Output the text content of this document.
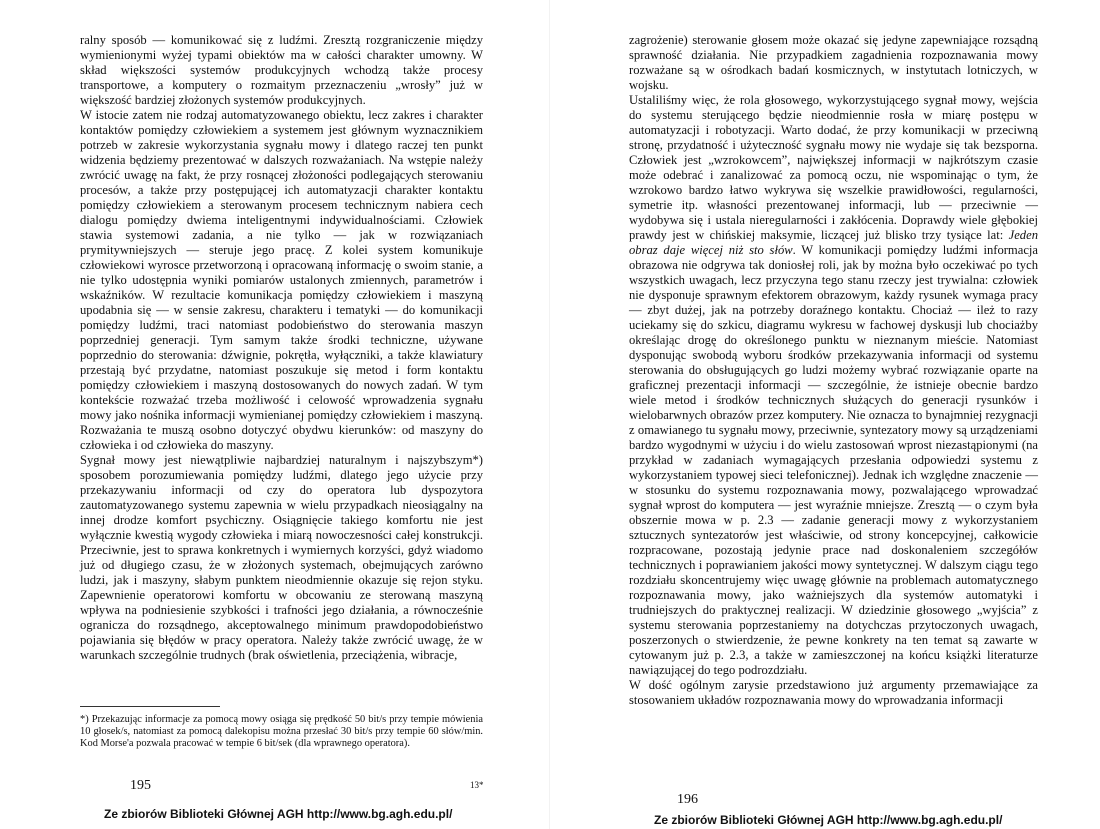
ralny sposób — komunikować się z ludźmi. Zresztą rozgraniczenie między wymienionymi wyżej typami obiektów ma w całości charakter umowny. W skład większości systemów produkcyjnych wchodzą także procesy transportowe, a komputery o rozmaitym przeznaczeniu „wrosły” już w większość bardziej złożonych systemów produkcyjnych.

W istocie zatem nie rodzaj automatyzowanego obiektu, lecz zakres i charakter kontaktów pomiędzy człowiekiem a systemem jest głównym wyznacznikiem potrzeb w zakresie wykorzystania sygnału mowy i dlatego raczej ten punkt widzenia będziemy prezentować w dalszych rozważaniach. Na wstępie należy zwrócić uwagę na fakt, że przy rosnącej złożoności podlegających sterowaniu procesów, a także przy postępującej ich automatyzacji charakter kontaktu pomiędzy człowiekiem a sterowanym procesem technicznym nabiera cech dialogu pomiędzy dwiema inteligentnymi indywidualnościami. Człowiek stawia systemowi zadania, a nie tylko — jak w rozwiązaniach prymitywniejszych — steruje jego pracę. Z kolei system komunikuje człowiekowi wyrosce przetworzoną i opracowaną informację o swoim stanie, a nie tylko udostępnia wyniki pomiarów ustalonych zmiennych, parametrów i wskaźników. W rezultacie komunikacja pomiędzy człowiekiem i maszyną upodabnia się — w sensie zakresu, charakteru i tematyki — do komunikacji pomiędzy ludźmi, traci natomiast podobieństwo do sterowania maszyn poprzedniej generacji. Tym samym także środki techniczne, używane poprzednio do sterowania: dźwignie, pokrętła, wyłączniki, a także klawiatury przestają być przydatne, natomiast poszukuje się metod i form kontaktu pomiędzy człowiekiem i maszyną dostosowanych do nowych zadań. W tym kontekście rozważać trzeba możliwość i celowość wprowadzenia sygnału mowy jako nośnika informacji wymienianej pomiędzy człowiekiem i maszyną. Rozważania te muszą osobno dotyczyć obydwu kierunków: od maszyny do człowieka i od człowieka do maszyny.

Sygnał mowy jest niewątpliwie najbardziej naturalnym i najszybszym*) sposobem porozumiewania pomiędzy ludźmi, dlatego jego użycie przy przekazywaniu informacji od czy do operatora lub dyspozytora zautomatyzowanego systemu zapewnia w wielu przypadkach nieosiągalny na innej drodze komfort psychiczny. Osiągnięcie takiego komfortu nie jest wyłącznie kwestią wygody człowieka i miarą nowoczesności całej konstrukcji. Przeciwnie, jest to sprawa konkretnych i wymiernych korzyści, gdyż wiadomo już od długiego czasu, że w złożonych systemach, obejmujących zarówno ludzi, jak i maszyny, słabym punktem nieodmiennie okazuje się rejon styku. Zapewnienie operatorowi komfortu w obcowaniu ze sterowaną maszyną wpływa na podniesienie szybkości i trafności jego działania, a równocześnie ogranicza do rozsądnego, akceptowalnego minimum prawdopodobieństwo pojawiania się błędów w pracy operatora. Należy także zwrócić uwagę, że w warunkach szczególnie trudnych (brak oświetlenia, przeciążenia, wibracje,

*) Przekazując informacje za pomocą mowy osiąga się prędkość 50 bit/s przy tempie mówienia 10 głosek/s, natomiast za pomocą dalekopisu można przesłać 30 bit/s przy tempie 60 słów/min. Kod Morse'a pozwala pracować w tempie 6 bit/sek (dla wprawnego operatora).
195	13*
Ze zbiorów Biblioteki Głównej AGH http://www.bg.agh.edu.pl/

zagrożenie) sterowanie głosem może okazać się jedyne zapewniające rozsądną sprawność działania. Nie przypadkiem zagadnienia rozpoznawania mowy rozważane są w ośrodkach badań kosmicznych, w instytutach lotniczych, w wojsku.

Ustaliliśmy więc, że rola głosowego, wykorzystującego sygnał mowy, wejścia do systemu sterującego będzie nieodmiennie rosła w miarę postępu w automatyzacji i robotyzacji. Warto dodać, że przy komunikacji w przeciwną stronę, przydatność i użyteczność sygnału mowy nie wydaje się tak bezsporna. Człowiek jest „wzrokowcem”, największej informacji w najkrótszym czasie może odebrać i zanalizować za pomocą oczu, nie wspominając o tym, że wzrokowo bardzo łatwo wykrywa się wszelkie prawidłowości, regularności, symetrie itp. własności prezentowanej informacji, lub — przeciwnie — wydobywa się i ustala nieregularności i zakłócenia. Doprawdy wiele głębokiej prawdy jest w chińskiej maksymie, liczącej już blisko trzy tysiące lat: Jeden obraz daje więcej niż sto słów. W komunikacji pomiędzy ludźmi informacja obrazowa nie odgrywa tak doniosłej roli, jak by można było oczekiwać po tych wszystkich uwagach, lecz przyczyna tego stanu rzeczy jest trywialna: człowiek nie dysponuje sprawnym efektorem obrazowym, każdy rysunek wymaga pracy — zbyt dużej, jak na potrzeby doraźnego kontaktu. Chociaż — ileż to razy uciekamy się do szkicu, diagramu wykresu w fachowej dyskusji lub chociażby określając drogę do określonego punktu w nieznanym mieście. Natomiast dysponując swobodą wyboru środków przekazywania informacji od systemu sterowania do obsługujących go ludzi możemy wybrać rozwiązanie oparte na graficznej prezentacji informacji — szczególnie, że istnieje obecnie bardzo wiele metod i środków technicznych służących do generacji rysunków i wielobarwnych obrazów przez komputery. Nie oznacza to bynajmniej rezygnacji z omawianego tu sygnału mowy, przeciwnie, syntezatory mowy są urządzeniami bardzo wygodnymi w użyciu i do wielu zastosowań wprost niezastąpionymi (na przykład w zadaniach wymagających przesłania odpowiedzi systemu z wykorzystaniem typowej sieci telefonicznej). Jednak ich względne znaczenie — w stosunku do systemu rozpoznawania mowy, pozwalającego wprowadzać sygnał wprost do komputera — jest wyraźnie mniejsze. Zresztą — o czym była obszernie mowa w p. 2.3 — zadanie generacji mowy z wykorzystaniem sztucznych syntezatorów jest właściwie, od strony koncepcyjnej, całkowicie rozpracowane, pozostają jedynie prace nad doskonaleniem szczegółów technicznych i poprawianiem jakości mowy syntetycznej. W dalszym ciągu tego rozdziału skoncentrujemy więc uwagę głównie na problemach automatycznego rozpoznawania mowy, jako ważniejszych dla systemów automatyki i trudniejszych do praktycznej realizacji. W dziedzinie głosowego „wyjścia” z systemu sterowania poprzestaniemy na dotychczas przytoczonych uwagach, poszerzonych o stwierdzenie, że pewne konkrety na ten temat są zawarte w cytowanym już p. 2.3, a także w zamieszczonej na końcu książki literaturze nawiązującej do tego podrozdziału.

W dość ogólnym zarysie przedstawiono już argumenty przemawiające za stosowaniem układów rozpoznawania mowy do wprowadzania informacji

196
Ze zbiorów Biblioteki Głównej AGH http://www.bg.agh.edu.pl/
